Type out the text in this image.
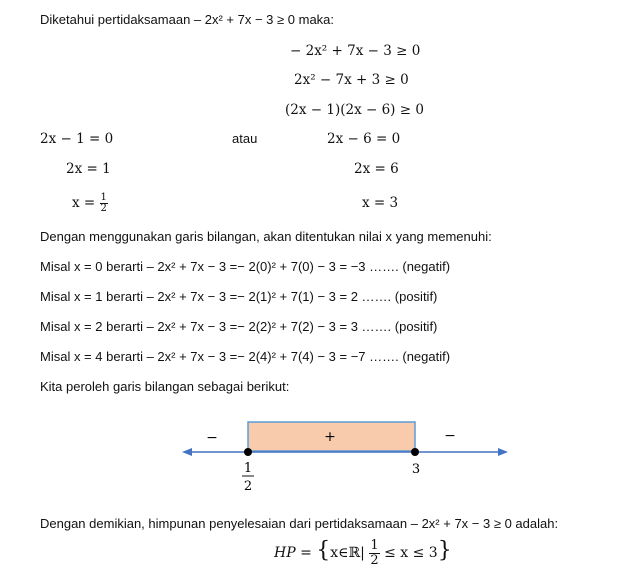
Diketahui pertidaksamaan – 2x² + 7x − 3 ≥ 0 maka:
− 2x² + 7x − 3 ≥ 0
2x² − 7x + 3 ≥ 0
(2x − 1)(2x − 6) ≥ 0
2x − 1 = 0	atau	2x − 6 = 0
2x = 1	2x = 6
$x = \frac{1}{2}$	x = 3
Dengan menggunakan garis bilangan, akan ditentukan nilai x yang memenuhi:
Misal x = 0 berarti – 2x² + 7x − 3 =− 2(0)² + 7(0) − 3 = −3 ……. (negatif)
Misal x = 1 berarti – 2x² + 7x − 3 =− 2(1)² + 7(1) − 3 = 2 ……. (positif)
Misal x = 2 berarti – 2x² + 7x − 3 =− 2(2)² + 7(2) − 3 = 3 ……. (positif)
Misal x = 4 berarti – 2x² + 7x − 3 =− 2(4)² + 7(4) − 3 = −7 ……. (negatif)
Kita peroleh garis bilangan sebagai berikut:
−	+	−
1
2
3
Dengan demikian, himpunan penyelesaian dari pertidaksamaan – 2x² + 7x − 3 ≥ 0 adalah:
HP = {x∈ℝ| $\frac{1}{2} \le x \le 3$}
